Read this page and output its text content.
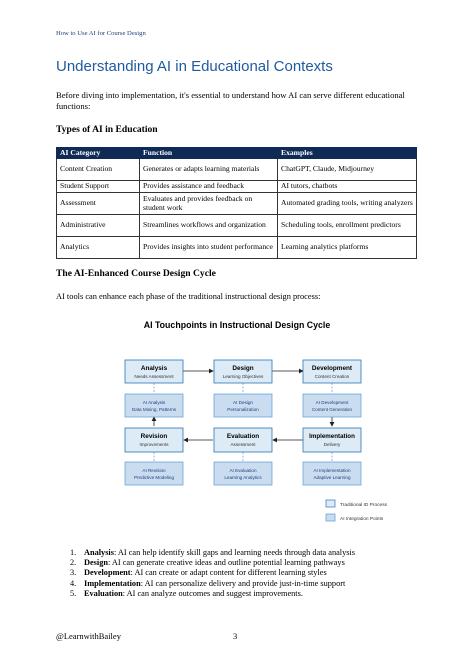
How to Use AI for Course Design
Understanding AI in Educational Contexts
Before diving into implementation, it's essential to understand how AI can serve different educational functions:
Types of AI in Education
AI Category	Function	Examples
Content Creation	Generates or adapts learning materials	ChatGPT, Claude, Midjourney
Student Support	Provides assistance and feedback	AI tutors, chatbots
Assessment	Evaluates and provides feedback on student work	Automated grading tools, writing analyzers
Administrative	Streamlines workflows and organization	Scheduling tools, enrollment predictors
Analytics	Provides insights into student performance	Learning analytics platforms
The AI-Enhanced Course Design Cycle
AI tools can enhance each phase of the traditional instructional design process:
AI Touchpoints in Instructional Design Cycle
Analysis
Needs Assessment
Design
Learning Objectives
Development
Content Creation
Implementation
Delivery
Evaluation
Assessment
Revision
Improvements
AI Analysis
Data Mining, Patterns
AI Design
Personalization
AI Development
Content Generation
AI Implementation
Adaptive Learning
AI Evaluation
Learning Analytics
AI Revision
Predictive Modeling
Traditional ID Process
AI Integration Points
1. Analysis: AI can help identify skill gaps and learning needs through data analysis
2. Design: AI can generate creative ideas and outline potential learning pathways
3. Development: AI can create or adapt content for different learning styles
4. Implementation: AI can personalize delivery and provide just-in-time support
5. Evaluation: AI can analyze outcomes and suggest improvements.
@LearnwithBailey	3
